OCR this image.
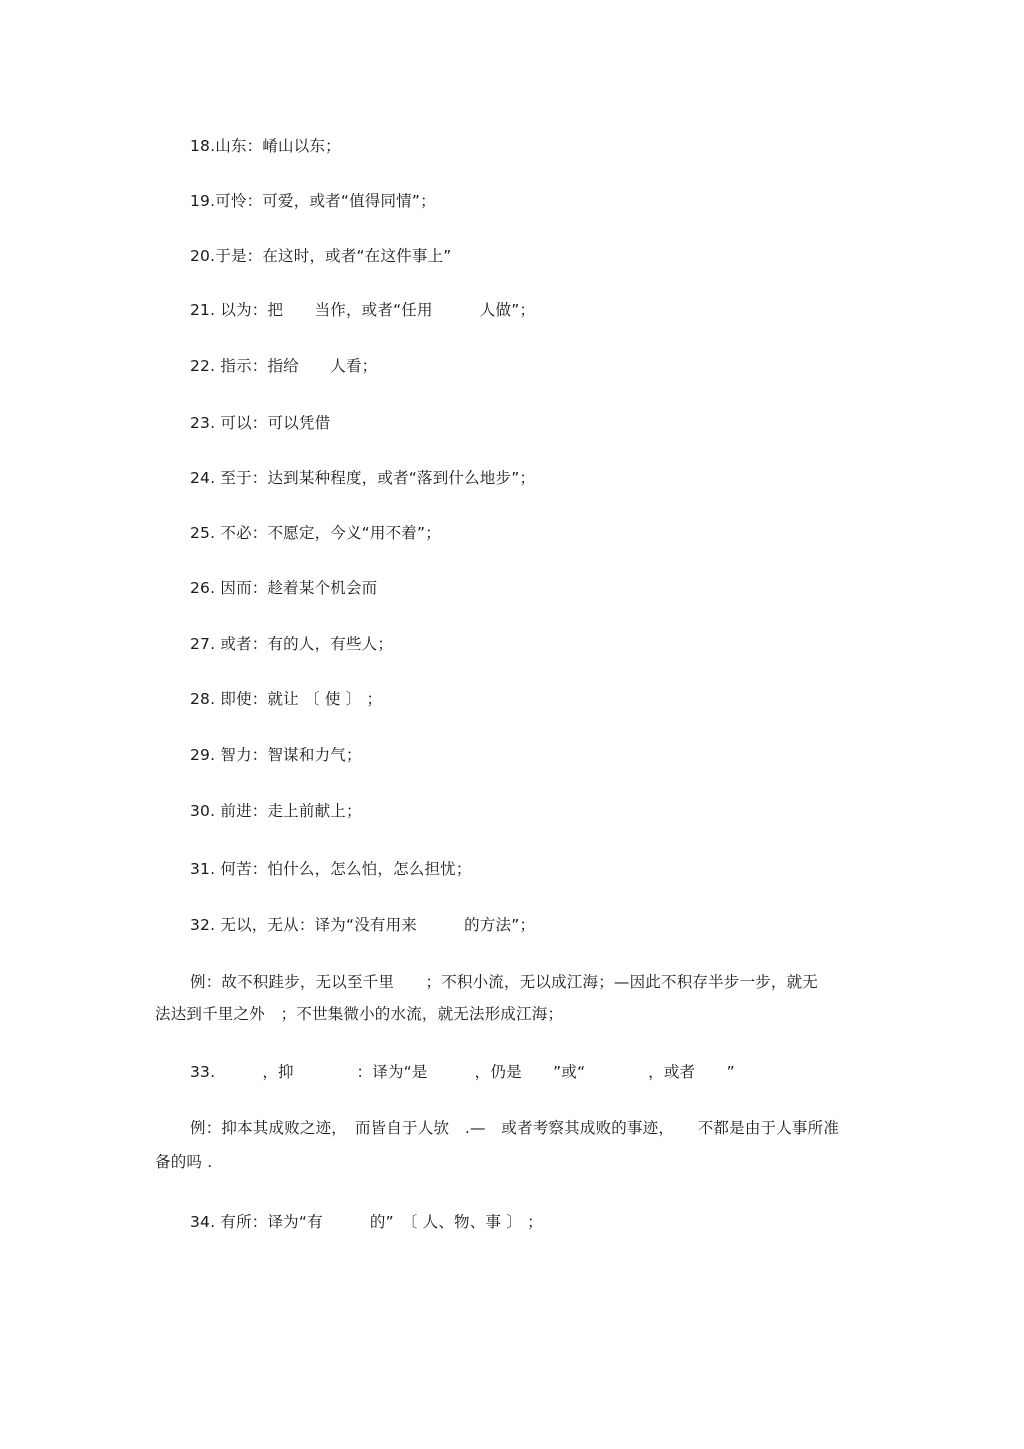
18.山东：崤山以东；
19.可怜：可爱，或者“值得同情”；
20.于是：在这时，或者“在这件事上”
21. 以为：把　　当作，或者“任用　　　人做”；
22. 指示：指给　　人看；
23. 可以：可以凭借
24. 至于：达到某种程度，或者“落到什么地步”；
25. 不必：不愿定，今义“用不着”；
26. 因而：趁着某个机会而
27. 或者：有的人，有些人；
28. 即使：就让 〔 使 〕 ；
29. 智力：智谋和力气；
30. 前进：走上前献上；
31. 何苦：怕什么，怎么怕，怎么担忧；
32. 无以，无从：译为“没有用来　　　的方法”；
例：故不积跬步，无以至千里　　；不积小流，无以成江海；—因此不积存半步一步，就无
法达到千里之外　；不世集微小的水流，就无法形成江海；
33.　　　，抑　　　　：译为“是　　　，仍是　　”或“　　　　，或者　　”
例：抑本其成败之迹，　而皆自于人欤　.—　或者考察其成败的事迹，　　不都是由于人事所准
备的吗 .
34. 有所：译为“有　　　的”　〔 人、物、事 〕 ；
